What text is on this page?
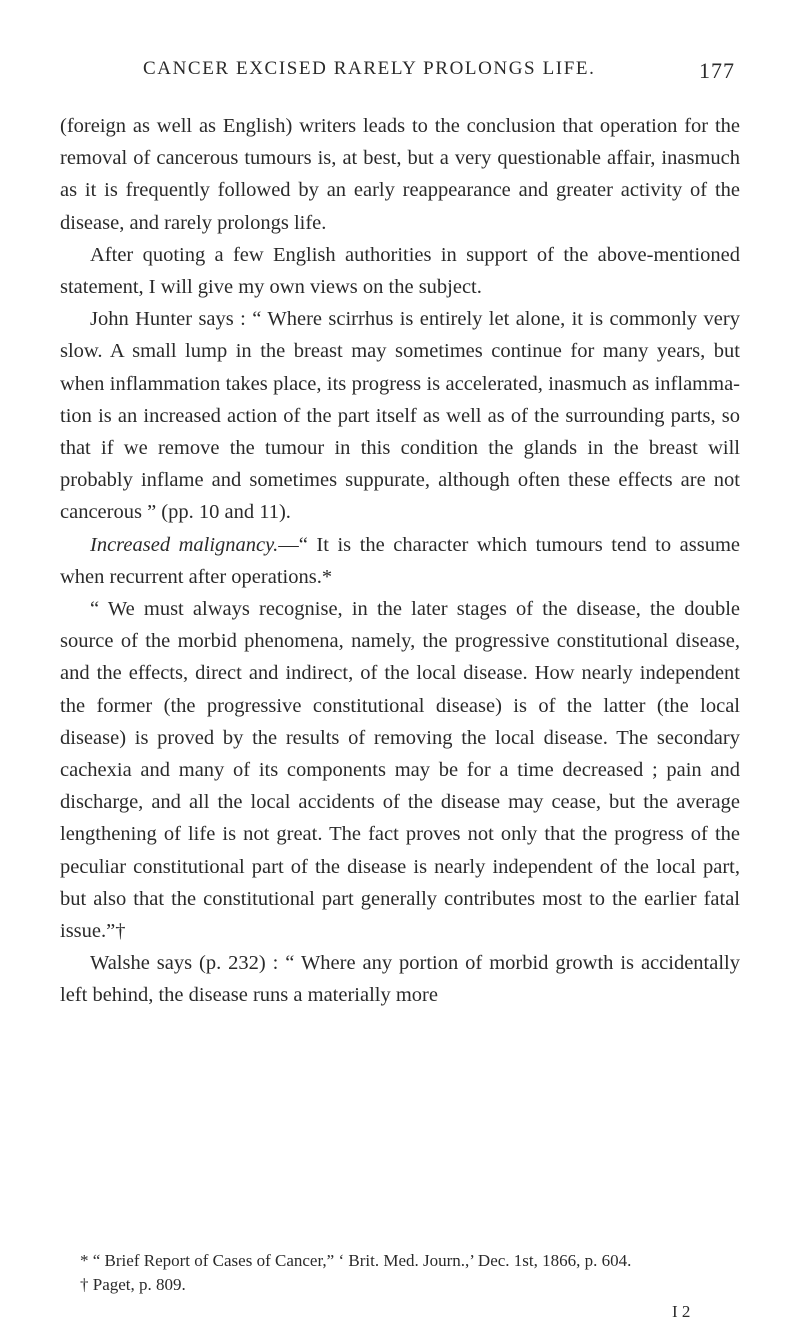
CANCER EXCISED RARELY PROLONGS LIFE.	177

(foreign as well as English) writers leads to the conclusion that operation for the removal of cancerous tumours is, at best, but a very questionable affair, inasmuch as it is frequently followed by an early reappearance and greater activity of the disease, and rarely prolongs life.

After quoting a few English authorities in support of the above-mentioned statement, I will give my own views on the subject.

John Hunter says : “ Where scirrhus is entirely let alone, it is commonly very slow. A small lump in the breast may sometimes continue for many years, but when inflammation takes place, its progress is accelerated, inasmuch as inflammation is an increased action of the part itself as well as of the surrounding parts, so that if we remove the tumour in this condition the glands in the breast will probably inflame and sometimes suppurate, although often these effects are not cancerous ” (pp. 10 and 11).

Increased malignancy.—“ It is the character which tumours tend to assume when recurrent after operations.*

“ We must always recognise, in the later stages of the disease, the double source of the morbid phenomena, namely, the progressive constitutional disease, and the effects, direct and indirect, of the local disease. How nearly independent the former (the progressive constitutional disease) is of the latter (the local disease) is proved by the results of removing the local disease. The secondary cachexia and many of its components may be for a time decreased ; pain and discharge, and all the local accidents of the disease may cease, but the average lengthening of life is not great. The fact proves not only that the progress of the peculiar constitutional part of the disease is nearly independent of the local part, but also that the constitutional part generally contributes most to the earlier fatal issue.”†

Walshe says (p. 232) : “ Where any portion of morbid growth is accidentally left behind, the disease runs a materially more

* “ Brief Report of Cases of Cancer,” ‘ Brit. Med. Journ.,’ Dec. 1st, 1866, p. 604.

† Paget, p. 809.

I 2
